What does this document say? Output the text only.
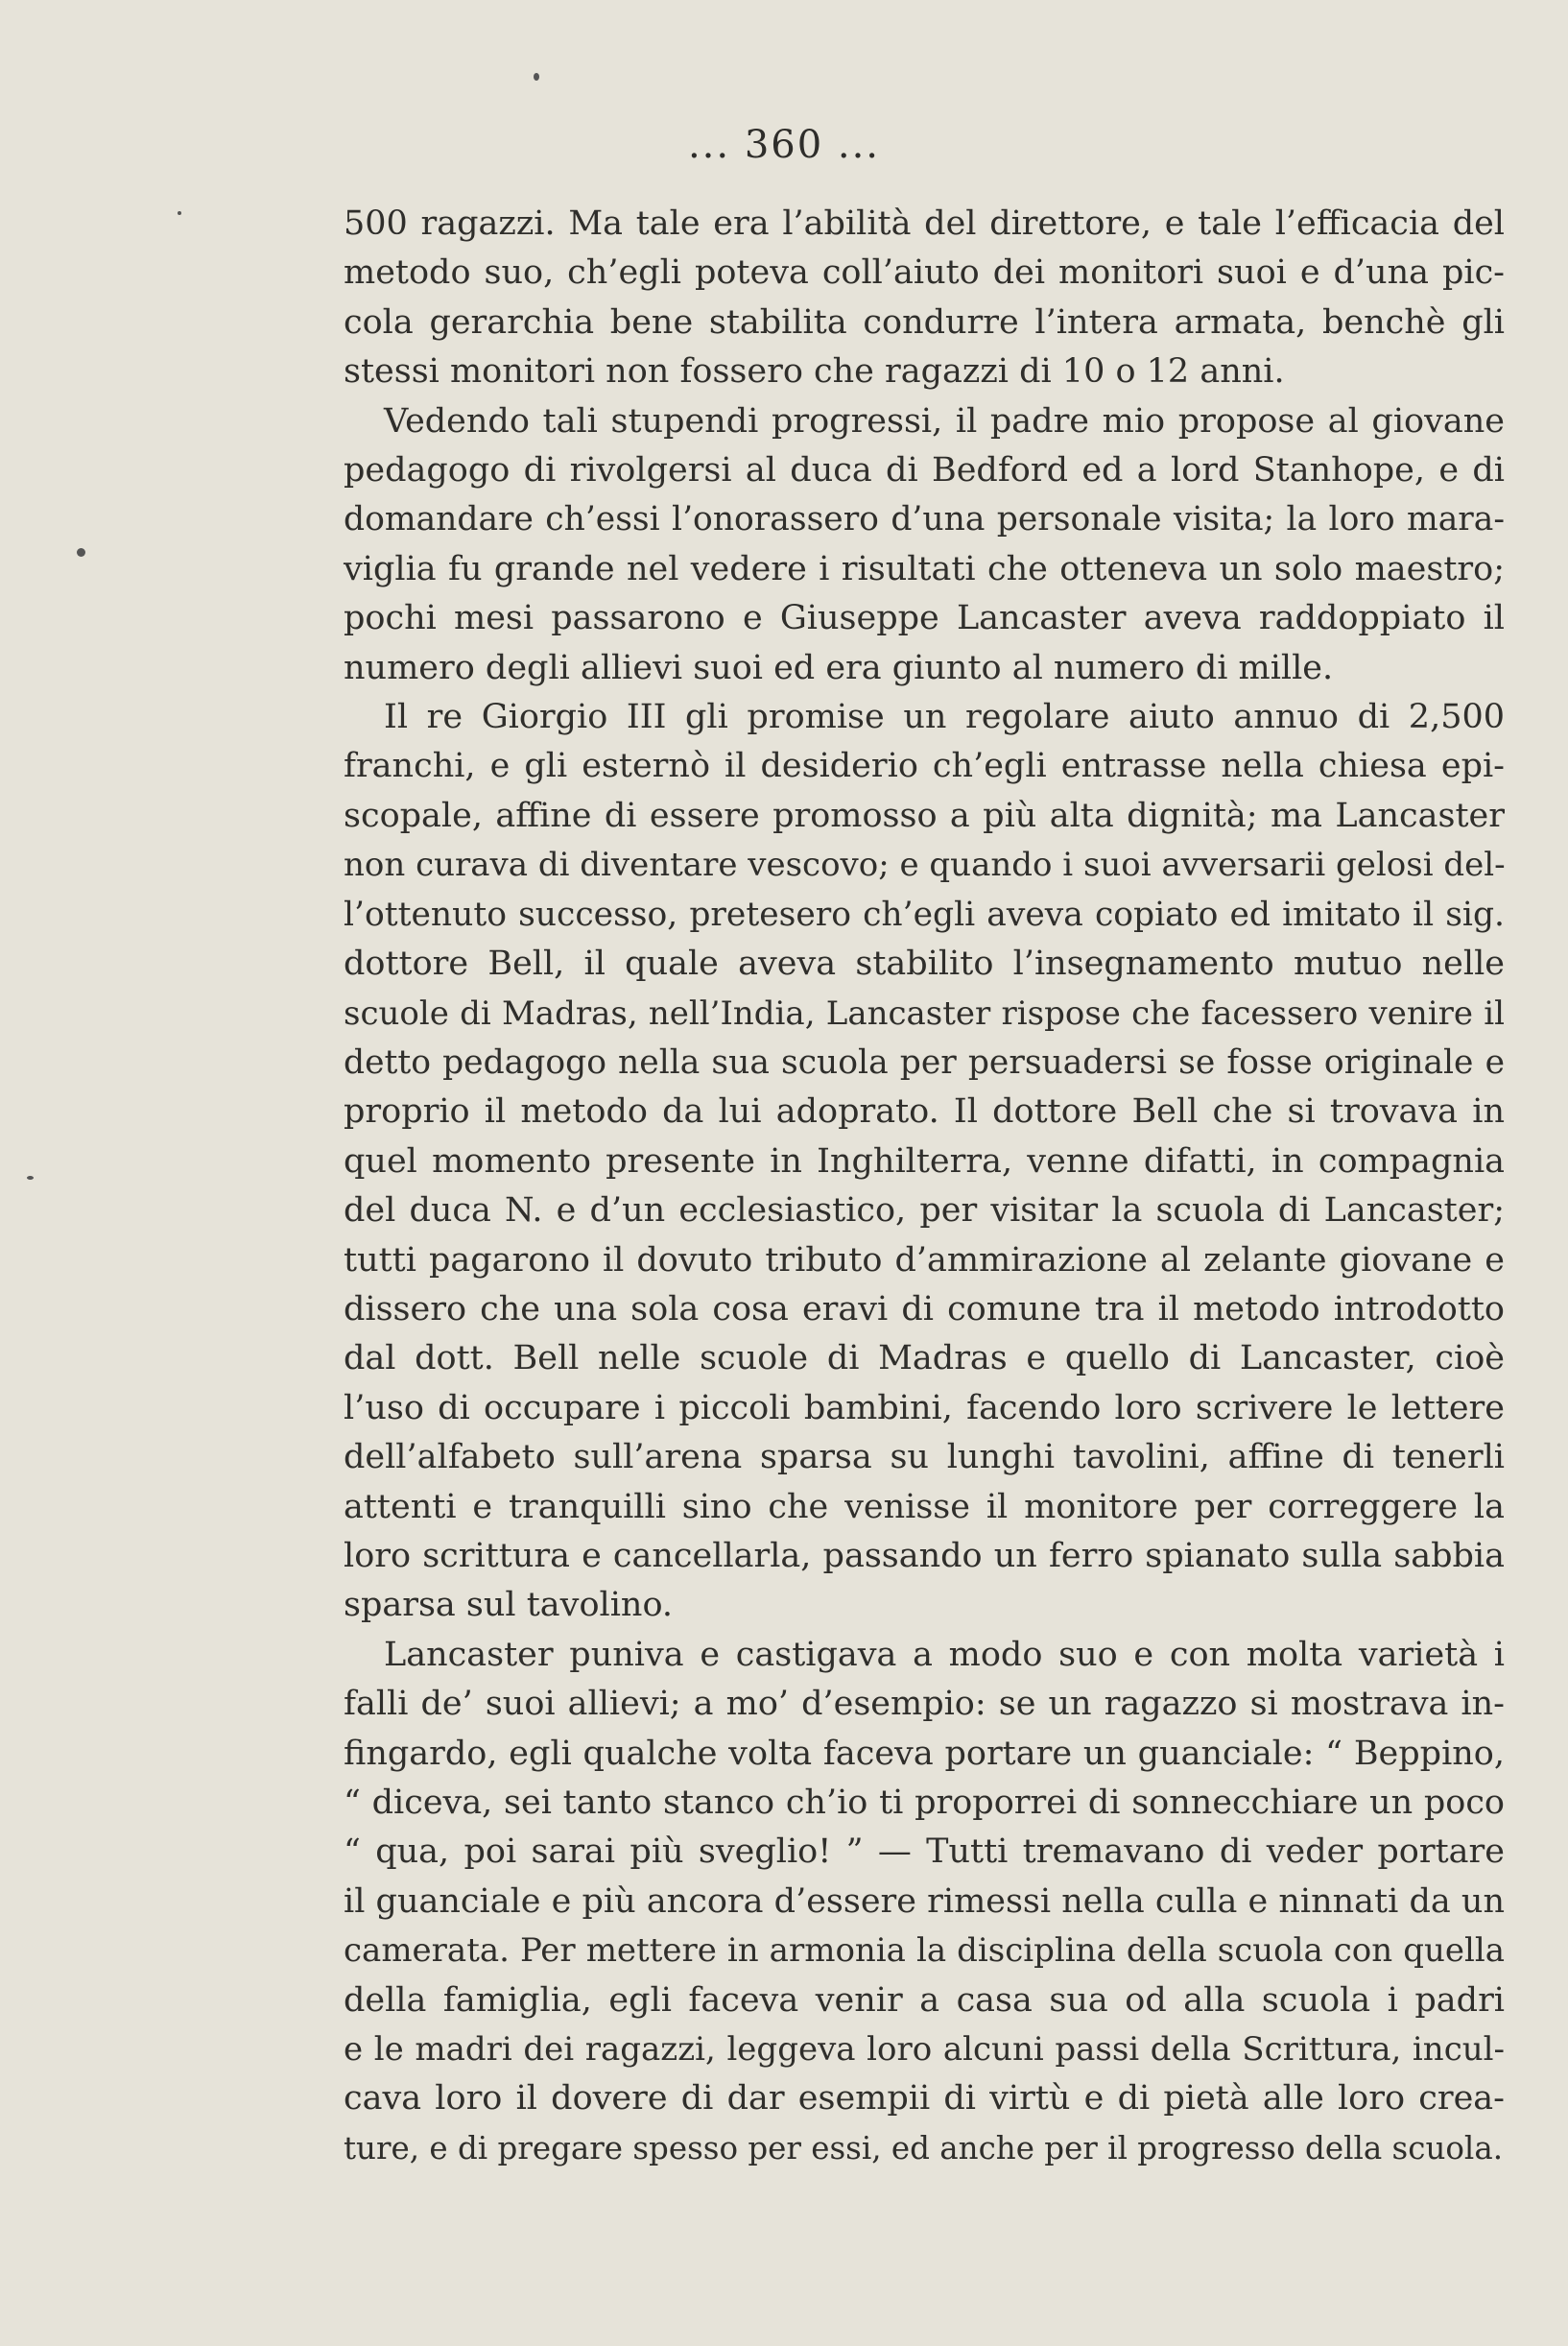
... 360 ...
500 ragazzi. Ma tale era l’abilità del direttore, e tale l’efficacia del
metodo suo, ch’egli poteva coll’aiuto dei monitori suoi e d’una pic-
cola gerarchia bene stabilita condurre l’intera armata, benchè gli
stessi monitori non fossero che ragazzi di 10 o 12 anni.
Vedendo tali stupendi progressi, il padre mio propose al giovane
pedagogo di rivolgersi al duca di Bedford ed a lord Stanhope, e di
domandare ch’essi l’onorassero d’una personale visita; la loro mara-
viglia fu grande nel vedere i risultati che otteneva un solo maestro;
pochi mesi passarono e Giuseppe Lancaster aveva raddoppiato il
numero degli allievi suoi ed era giunto al numero di mille.
Il re Giorgio III gli promise un regolare aiuto annuo di 2,500
franchi, e gli esternò il desiderio ch’egli entrasse nella chiesa epi-
scopale, affine di essere promosso a più alta dignità; ma Lancaster
non curava di diventare vescovo; e quando i suoi avversarii gelosi del-
l’ottenuto successo, pretesero ch’egli aveva copiato ed imitato il sig.
dottore Bell, il quale aveva stabilito l’insegnamento mutuo nelle
scuole di Madras, nell’India, Lancaster rispose che facessero venire il
detto pedagogo nella sua scuola per persuadersi se fosse originale e
proprio il metodo da lui adoprato. Il dottore Bell che si trovava in
quel momento presente in Inghilterra, venne difatti, in compagnia
del duca N. e d’un ecclesiastico, per visitar la scuola di Lancaster;
tutti pagarono il dovuto tributo d’ammirazione al zelante giovane e
dissero che una sola cosa eravi di comune tra il metodo introdotto
dal dott. Bell nelle scuole di Madras e quello di Lancaster, cioè
l’uso di occupare i piccoli bambini, facendo loro scrivere le lettere
dell’alfabeto sull’arena sparsa su lunghi tavolini, affine di tenerli
attenti e tranquilli sino che venisse il monitore per correggere la
loro scrittura e cancellarla, passando un ferro spianato sulla sabbia
sparsa sul tavolino.
Lancaster puniva e castigava a modo suo e con molta varietà i
falli de’ suoi allievi; a mo’ d’esempio: se un ragazzo si mostrava in-
fingardo, egli qualche volta faceva portare un guanciale: “ Beppino,
“ diceva, sei tanto stanco ch’io ti proporrei di sonnecchiare un poco
“ qua, poi sarai più sveglio! ” — Tutti tremavano di veder portare
il guanciale e più ancora d’essere rimessi nella culla e ninnati da un
camerata. Per mettere in armonia la disciplina della scuola con quella
della famiglia, egli faceva venir a casa sua od alla scuola i padri
e le madri dei ragazzi, leggeva loro alcuni passi della Scrittura, incul-
cava loro il dovere di dar esempii di virtù e di pietà alle loro crea-
ture, e di pregare spesso per essi, ed anche per il progresso della scuola.
